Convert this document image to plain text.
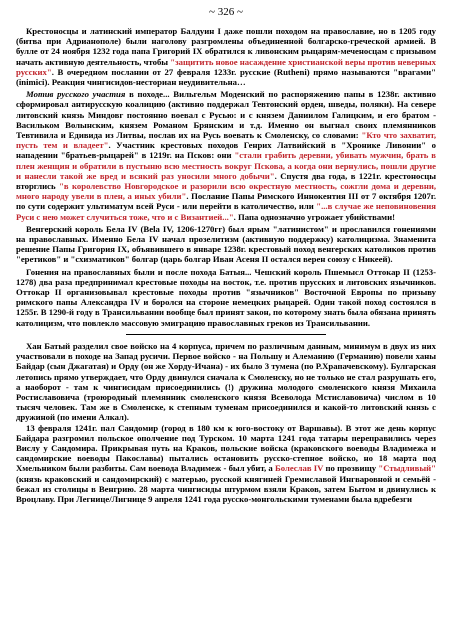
~ 326 ~

Крестоносцы и латинский император Балдуин I даже пошли походом на православие, но в 1205 году (битва при Адрианополе) были наголову разгромлены объединенной болгарско-греческой армией. В булле от 24 ноября 1232 года папа Григорий IX обратился к ливонским рыцарям-меченосцам с призывом начать активную деятельность, чтобы "защитить новое насаждение христианской веры против неверных русских". В очередном послании от 27 февраля 1233г. русские (Rutheni) прямо называются "врагами" (inimici). Реакция чингисидов-несториан неудивительна…

Мотив русского участия в походе... Вильгельм Моденский по распоряжению папы в 1238г. активно сформировал антирусскую коалицию (активно поддержал Тевтонский орден, шведы, поляки). На севере литовский князь Миндовг постоянно воевал с Русью: и с князем Даниилом Галицким, и его братом - Васильком Волынским, князем Романом Брянским и т.д. Именно он выгнал своих племянников Тевтивила и Едивида из Литвы, послав их на Русь воевать к Смоленску, со словами: "Кто что захватит, пусть тем и владеет". Участник крестовых походов Генрих Латвийский в "Хронике Ливонии" о нападении "братьев-рыцарей" в 1219г. на Псков: они "стали грабить деревни, убивать мужчин, брать в плен женщин и обратили в пустыню всю местность вокруг Пскова, а когда они вернулись, пошли другие и нанесли такой же вред и всякий раз уносили много добычи". Спустя два года, в 1221г. крестоносцы вторглись "в королевство Новгородское и разорили всю окрестную местность, сожгли дома и деревни, много народу увели в плен, а иных убили". Послание Папы Римского Иннокентия III от 7 октября 1207г. по сути содержит ультиматум всей Руси - или перейти в католичество, или "...в случае же неповиновения Руси с нею может случиться тоже, что и с Византией...". Папа однозначно угрожает убийствами!

Венгерский король Бела IV (Bela IV, 1206-1270гг) был ярым "латинистом" и прославился гонениями на православных. Именно Бела IV начал прозелитизм (активную поддержку) католицизма. Знаменита решение Папы Григория IX, объявившего в январе 1238г. крестовый поход венгерских католиков против "еретиков" и "схизматиков" болгар (царь болгар Иван Асеня II остался верен союзу с Никеей).

Гонения на православных были и после похода Батыя... Чешский король Пшемысл Оттокар II (1253-1278) два раза предпринимал крестовые походы на восток, т.е. против прусских и литовских язычников. Оттокар II организовывал крестовые походы против "язычников" Восточной Европы по призыву римского папы Александра IV и боролся на стороне немецких рыцарей. Один такой поход состоялся в 1255г. В 1290-й году в Трансильвании вообще был принят закон, по которому знать была обязана принять католицизм, что повлекло массовую эмиграцию православных греков из Трансильвании.

Хан Батый разделил свое войско на 4 корпуса, причем по различным данным, минимум в двух из них участвовали в походе на Запад русичи. Первое войско - на Польшу и Алеманию (Германию) повели ханы Байдар (сын Джагатая) и Орду (он же Хорду-Ичана) - их было 3 тумена (по Р.Храпачевскому). Булгарская летопись прямо утверждает, что Орду двинулся сначала к Смоленску, но не только не стал разрушать его, а наоборот - там к чингисидам присоединились (!) дружина молодого смоленского князя Михаила Ростиславовича (троюродный племянник смоленского князя Всеволода Мстиславовича) числом в 10 тысяч человек. Там же в Смоленске, к степным туменам присоединился и какой-то литовский князь с дружиной (по имени Алкал).

13 февраля 1241г. пал Сандомир (город в 180 км к юго-востоку от Варшавы). В этот же день корпус Байдара разгромил польское ополчение под Турском. 10 марта 1241 года татары переправились через Вислу у Сандомира. Прикрывая путь на Краков, польские войска (краковского воеводы Владимежа и сандомирские воеводы Пакославы) пытались остановить русско-степное войско, но 18 марта под Хмельником были разбиты. Сам воевода Владимеж - был убит, а Болеслав IV по прозвищу "Стыдливый" (князь краковский и сандомирский) с матерью, русской княгиней Гремиславой Ингваровной и семьёй - бежал из столицы в Венгрию. 28 марта чингисиды штурмом взяли Краков, затем Бытом и двинулись к Вроцлаву. При Легнице/Лигнице 9 апреля 1241 года русско-монгольскими туменами была вдребезги
